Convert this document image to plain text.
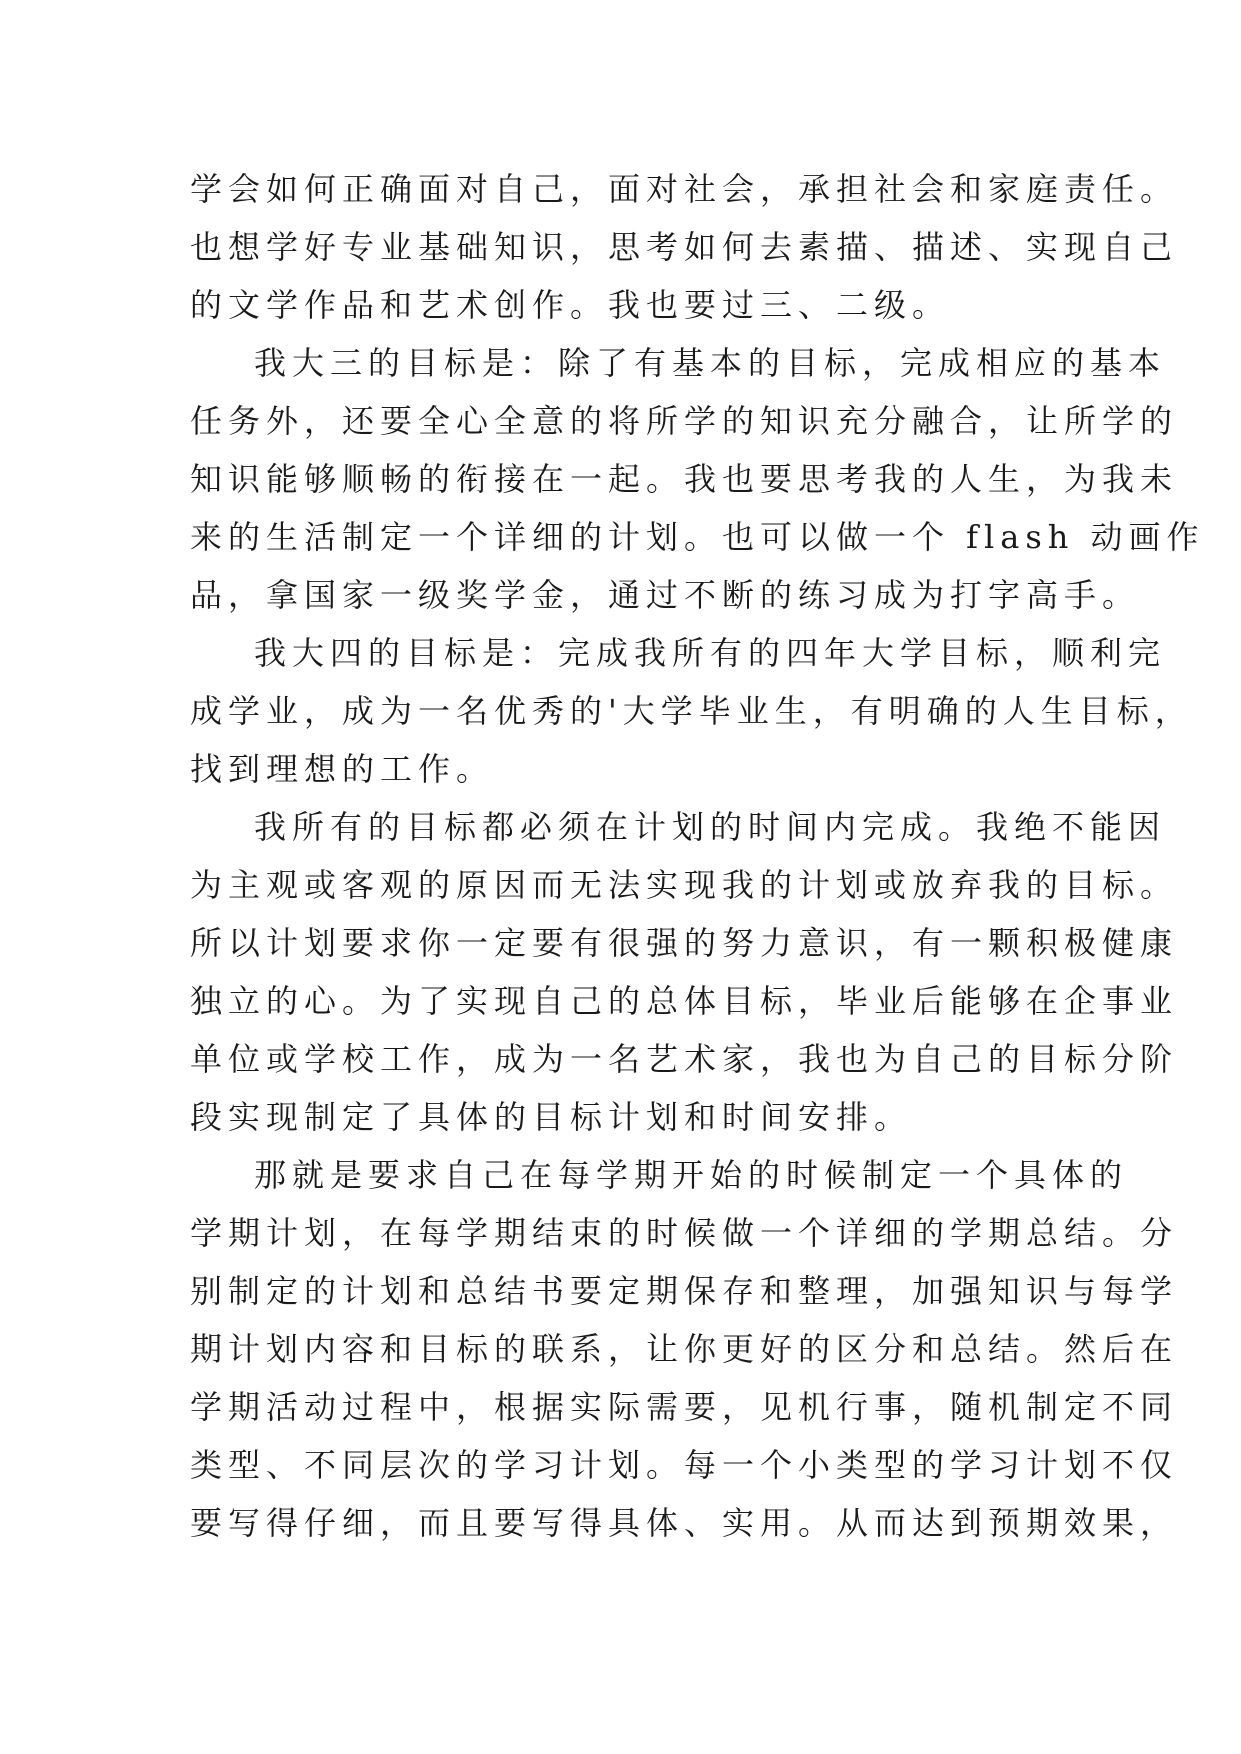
学会如何正确面对自己，面对社会，承担社会和家庭责任。
也想学好专业基础知识，思考如何去素描、描述、实现自己
的文学作品和艺术创作。我也要过三、二级。
我大三的目标是：除了有基本的目标，完成相应的基本
任务外，还要全心全意的将所学的知识充分融合，让所学的
知识能够顺畅的衔接在一起。我也要思考我的人生，为我未
来的生活制定一个详细的计划。也可以做一个 flash 动画作
品，拿国家一级奖学金，通过不断的练习成为打字高手。
我大四的目标是：完成我所有的四年大学目标，顺利完
成学业，成为一名优秀的'大学毕业生，有明确的人生目标，
找到理想的工作。
我所有的目标都必须在计划的时间内完成。我绝不能因
为主观或客观的原因而无法实现我的计划或放弃我的目标。
所以计划要求你一定要有很强的努力意识，有一颗积极健康
独立的心。为了实现自己的总体目标，毕业后能够在企事业
单位或学校工作，成为一名艺术家，我也为自己的目标分阶
段实现制定了具体的目标计划和时间安排。
那就是要求自己在每学期开始的时候制定一个具体的
学期计划，在每学期结束的时候做一个详细的学期总结。分
别制定的计划和总结书要定期保存和整理，加强知识与每学
期计划内容和目标的联系，让你更好的区分和总结。然后在
学期活动过程中，根据实际需要，见机行事，随机制定不同
类型、不同层次的学习计划。每一个小类型的学习计划不仅
要写得仔细，而且要写得具体、实用。从而达到预期效果，
